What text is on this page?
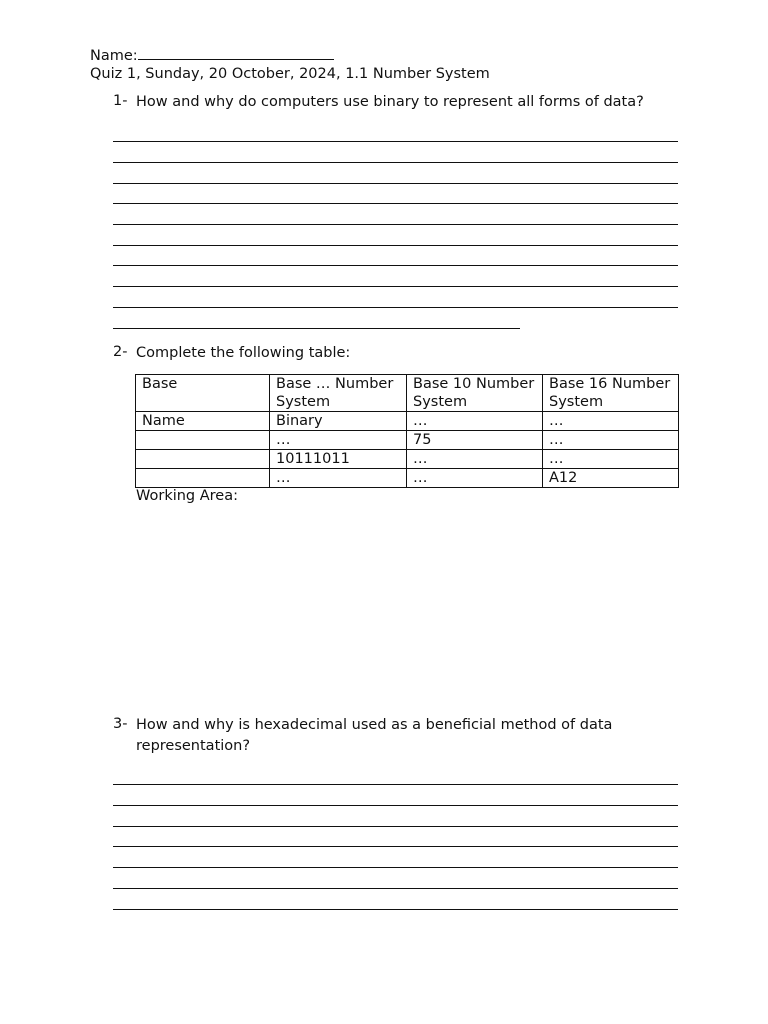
Name:
Quiz 1, Sunday, 20 October, 2024, 1.1 Number System
1- How and why do computers use binary to represent all forms of data?
2- Complete the following table:
Base	Base … Number System	Base 10 Number System	Base 16 Number System
Name	Binary	…	…
	…	75	…
	10111011	…	…
	…	…	A12
Working Area:
3- How and why is hexadecimal used as a beneficial method of data representation?
